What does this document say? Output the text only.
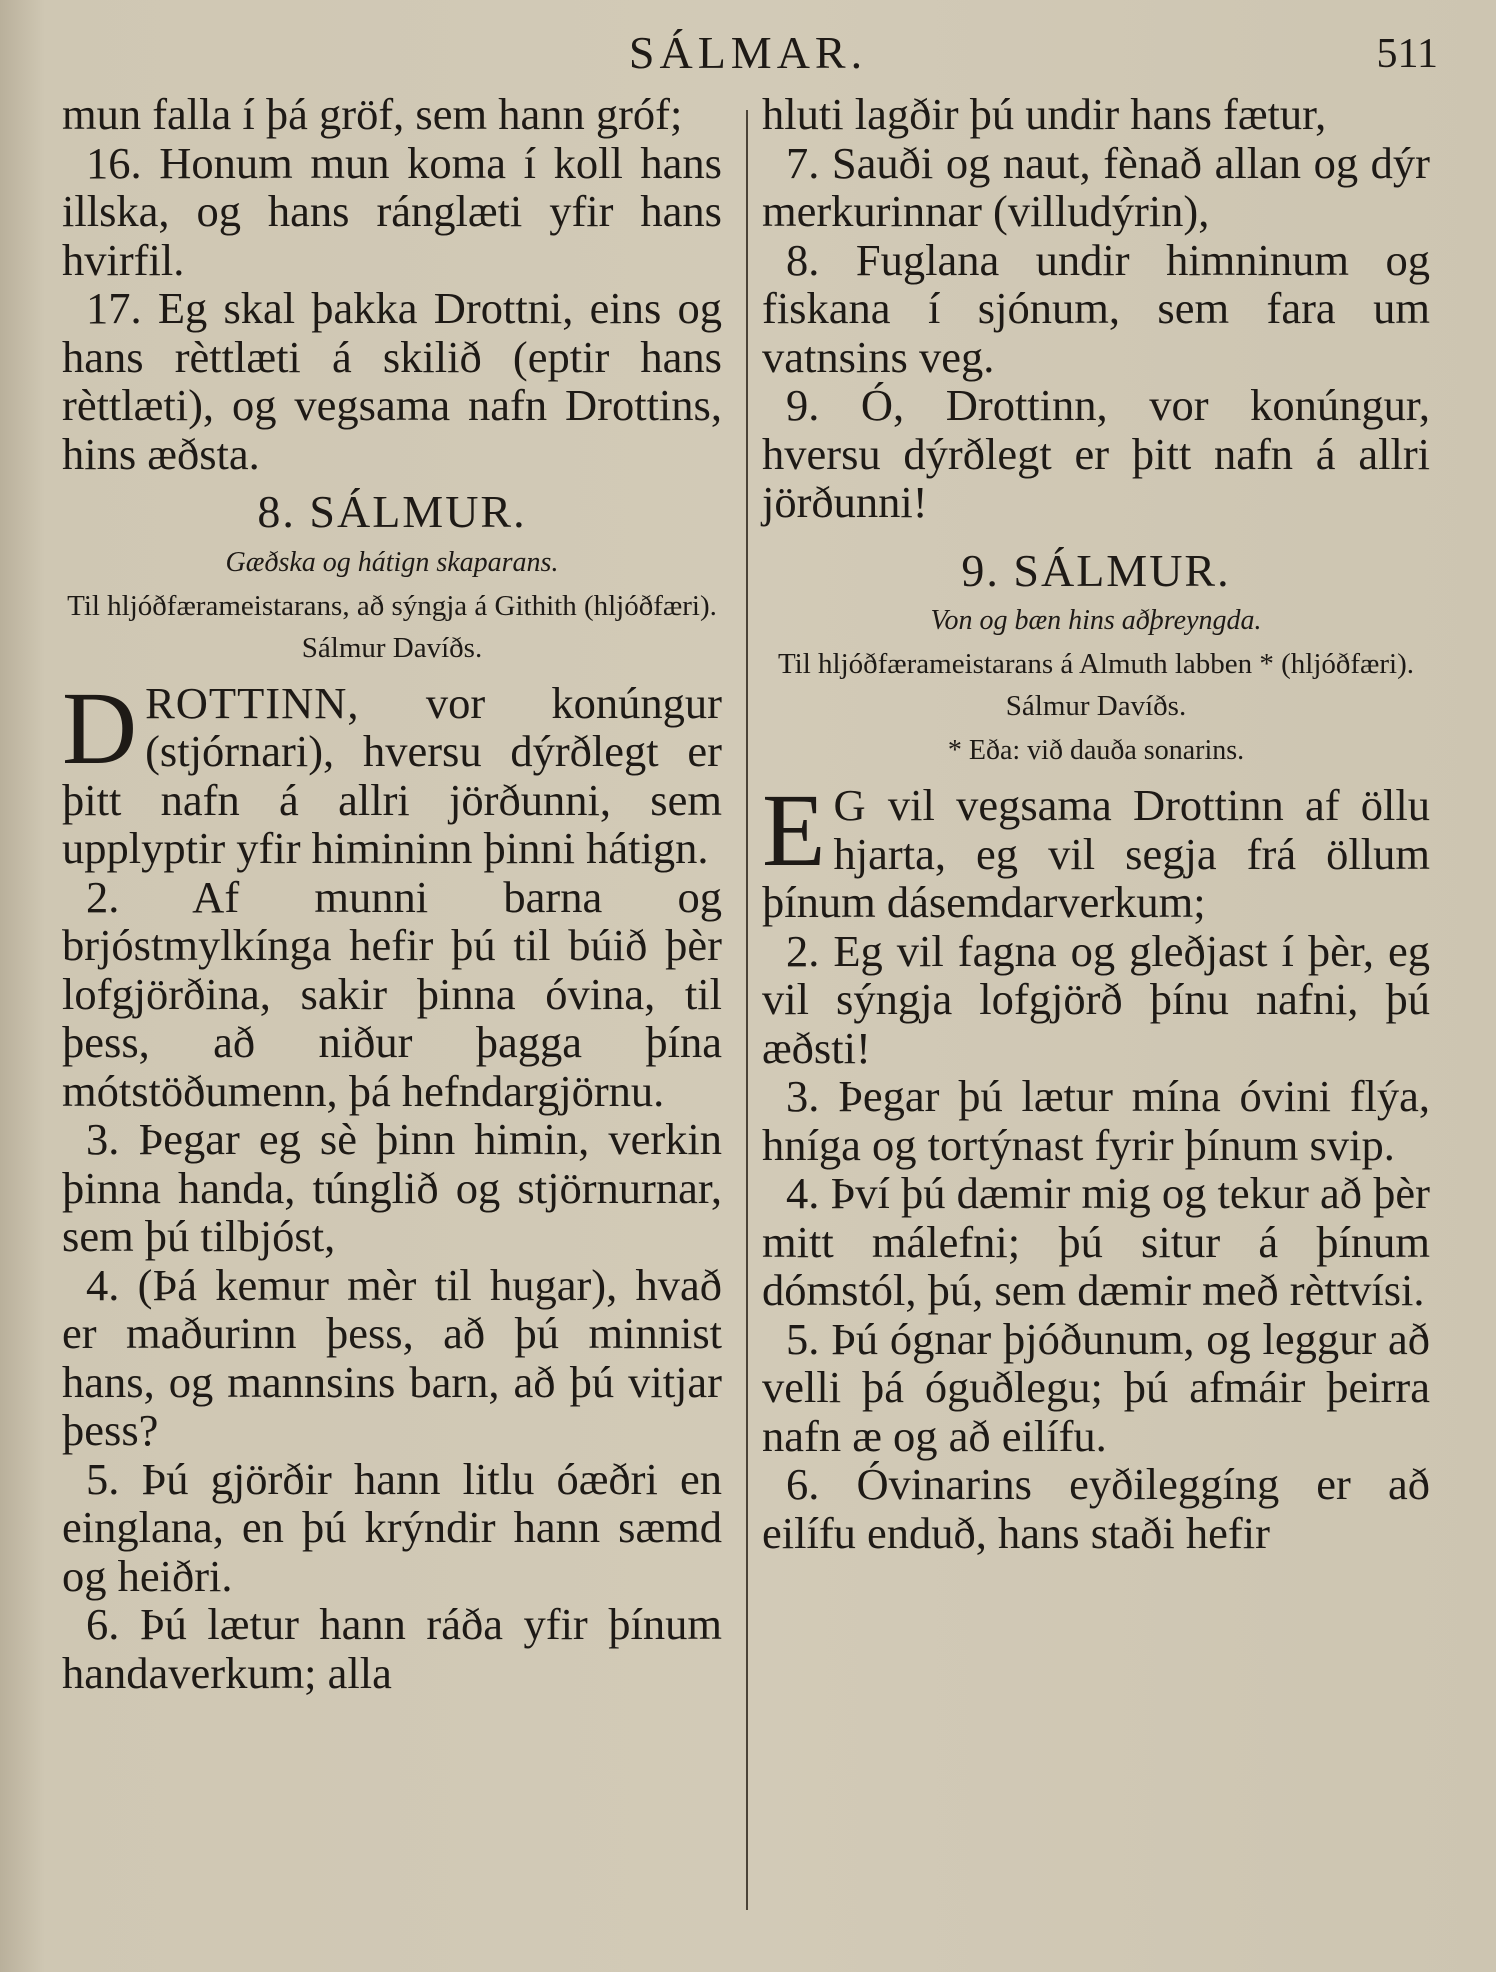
SÁLMAR.	511

mun falla í þá gröf, sem hann gróf;

16. Honum mun koma í koll hans illska, og hans ránglæti yfir hans hvirfil.

17. Eg skal þakka Drottni, eins og hans rèttlæti á skilið (eptir hans rèttlæti), og vegsama nafn Drottins, hins æðsta.

8. SÁLMUR.

Gæðska og hátign skaparans.

Til hljóðfærameistarans, að sýngja á Githith (hljóðfæri). Sálmur Davíðs.

DROTTINN, vor konúngur (stjórnari), hversu dýrðlegt er þitt nafn á allri jörðunni, sem upplyptir yfir himininn þinni hátign.

2. Af munni barna og brjóstmylkínga hefir þú til búið þèr lofgjörðina, sakir þinna óvina, til þess, að niður þagga þína mótstöðumenn, þá hefndargjörnu.

3. Þegar eg sè þinn himin, verkin þinna handa, túnglið og stjörnurnar, sem þú tilbjóst,

4. (Þá kemur mèr til hugar), hvað er maðurinn þess, að þú minnist hans, og mannsins barn, að þú vitjar þess?

5. Þú gjörðir hann litlu óæðri en einglana, en þú krýndir hann sæmd og heiðri.

6. Þú lætur hann ráða yfir þínum handaverkum; alla

hluti lagðir þú undir hans fætur,

7. Sauði og naut, fènað allan og dýr merkurinnar (villudýrin),

8. Fuglana undir himninum og fiskana í sjónum, sem fara um vatnsins veg.

9. Ó, Drottinn, vor konúngur, hversu dýrðlegt er þitt nafn á allri jörðunni!

9. SÁLMUR.

Von og bæn hins aðþreyngda.

Til hljóðfærameistarans á Almuth labben * (hljóðfæri). Sálmur Davíðs.

* Eða: við dauða sonarins.

E G vil vegsama Drottinn af öllu hjarta, eg vil segja frá öllum þínum dásemdarverkum;

2. Eg vil fagna og gleðjast í þèr, eg vil sýngja lofgjörð þínu nafni, þú æðsti!

3. Þegar þú lætur mína óvini flýa, hníga og tortýnast fyrir þínum svip.

4. Því þú dæmir mig og tekur að þèr mitt málefni; þú situr á þínum dómstól, þú, sem dæmir með rèttvísi.

5. Þú ógnar þjóðunum, og leggur að velli þá óguðlegu; þú afmáir þeirra nafn æ og að eilífu.

6. Óvinarins eyðileggíng er að eilífu enduð, hans staði hefir
